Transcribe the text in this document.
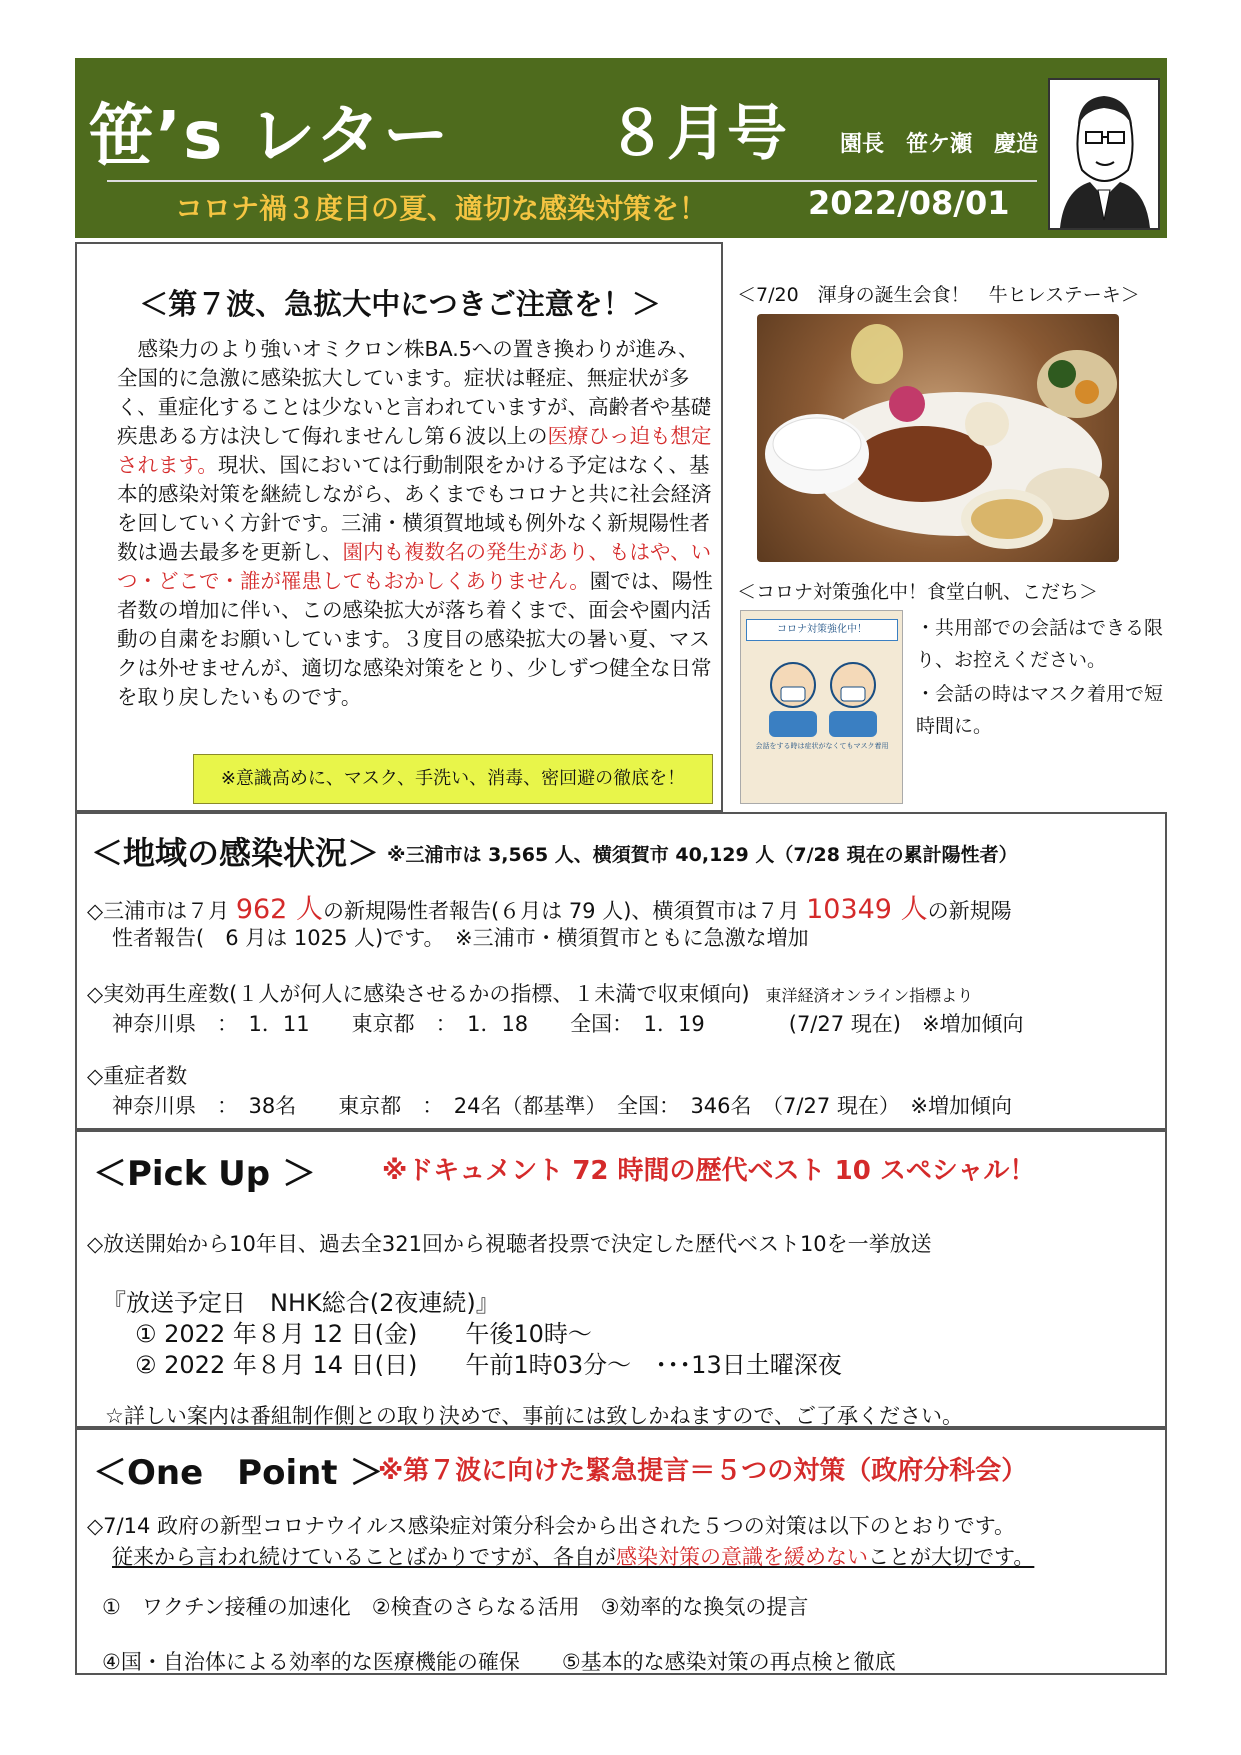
笹’s レター	８月号 園長　笹ケ瀬　慶造
コロナ禍３度目の夏、適切な感染対策を！	2022/08/01
＜第７波、急拡大中につきご注意を！＞

　感染力のより強いオミクロン株BA.5への置き換わりが進み、全国的に急激に感染拡大しています。症状は軽症、無症状が多く、重症化することは少ないと言われていますが、高齢者や基礎疾患ある方は決して侮れませんし第６波以上の医療ひっ迫も想定されます。現状、国においては行動制限をかける予定はなく、基本的感染対策を継続しながら、あくまでもコロナと共に社会経済を回していく方針です。三浦・横須賀地域も例外なく新規陽性者数は過去最多を更新し、園内も複数名の発生があり、もはや、いつ・どこで・誰が罹患してもおかしくありません。園では、陽性者数の増加に伴い、この感染拡大が落ち着くまで、面会や園内活動の自粛をお願いしています。３度目の感染拡大の暑い夏、マスクは外せませんが、適切な感染対策をとり、少しずつ健全な日常を取り戻したいものです。

※意識高めに、マスク、手洗い、消毒、密回避の徹底を！
＜7/20　渾身の誕生会食！　牛ヒレステーキ＞
＜コロナ対策強化中！食堂白帆、こだち＞
コロナ対策強化中！
会話をする時は症状がなくてもマスク着用
・共用部での会話はできる限り、お控えください。
・会話の時はマスク着用で短時間に。
＜地域の感染状況＞ ※三浦市は 3,565 人、横須賀市 40,129 人（7/28 現在の累計陽性者）
◇三浦市は７月 962 人の新規陽性者報告(６月は 79 人)、横須賀市は７月 10349 人の新規陽
性者報告(　6 月は 1025 人)です。　※三浦市・横須賀市ともに急激な増加
◇実効再生産数(１人が何人に感染させるかの指標、１未満で収束傾向) 東洋経済オンライン指標より
神奈川県　：　1．11　　東京都　：　1．18　　全国：　1．19　　　　(7/27 現在)　※増加傾向
◇重症者数
神奈川県　：　38名　　東京都　：　24名（都基準）　全国：　346名　（7/27 現在）　※増加傾向
＜Pick Up ＞	※ドキュメント 72 時間の歴代ベスト 10 スペシャル！
◇放送開始から10年目、過去全321回から視聴者投票で決定した歴代ベスト10を一挙放送
『放送予定日　NHK総合(2夜連続)』
① 2022 年８月 12 日(金)　　午後10時～
② 2022 年８月 14 日(日)　　午前1時03分～　･･･13日土曜深夜
☆詳しい案内は番組制作側との取り決めで、事前には致しかねますので、ご了承ください。
＜One　Point ＞
※第７波に向けた緊急提言＝５つの対策（政府分科会）
◇7/14 政府の新型コロナウイルス感染症対策分科会から出された５つの対策は以下のとおりです。
従来から言われ続けていることばかりですが、各自が感染対策の意識を緩めないことが大切です。
①　ワクチン接種の加速化　②検査のさらなる活用　③効率的な換気の提言
④国・自治体による効率的な医療機能の確保　　⑤基本的な感染対策の再点検と徹底
